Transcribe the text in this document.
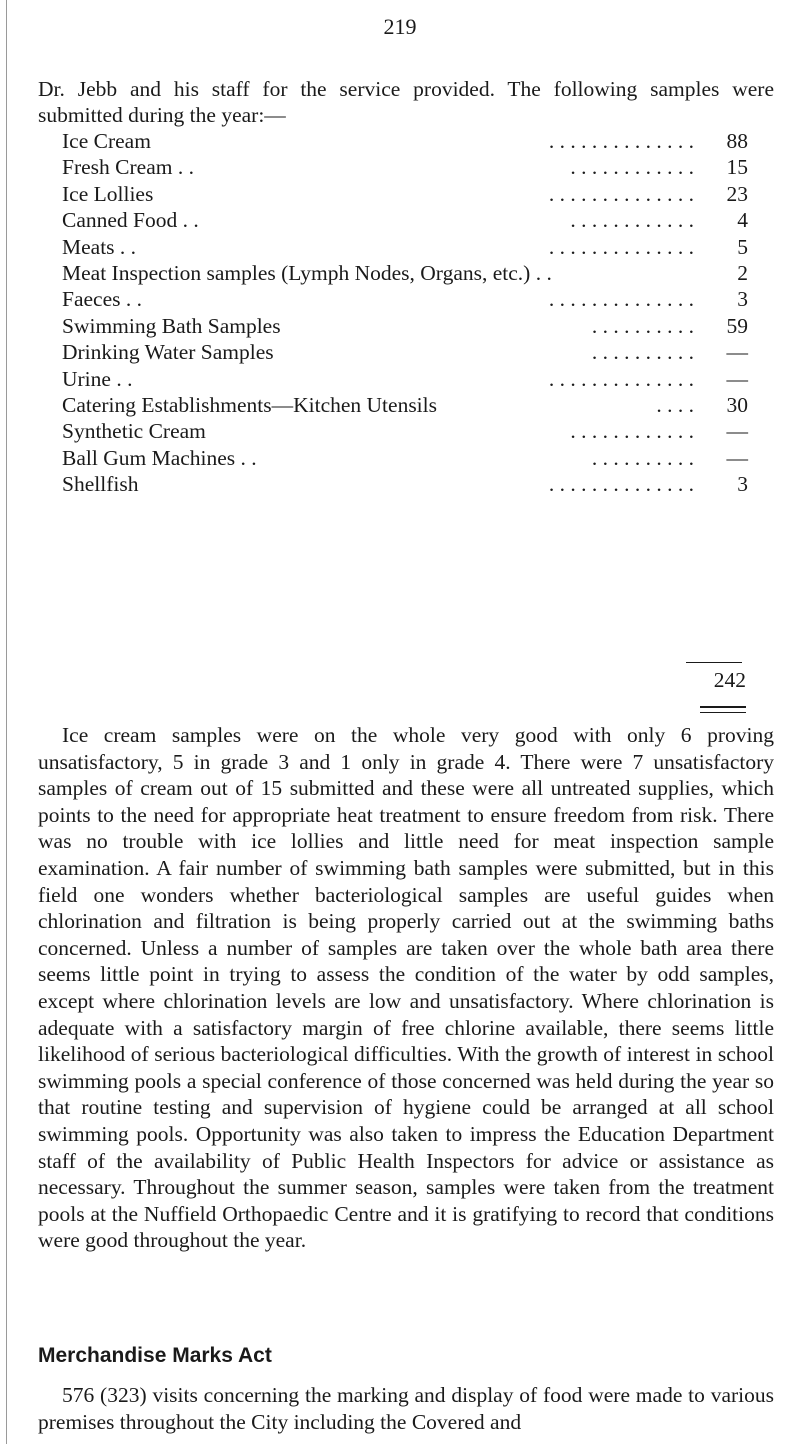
219
Dr. Jebb and his staff for the service provided. The following samples were submitted during the year:—
Ice Cream	. . . . . . . . . . . . . .	88
Fresh Cream . .	. . . . . . . . . . . .	15
Ice Lollies	. . . . . . . . . . . . . .	23
Canned Food . .	. . . . . . . . . . . .	4
Meats . .	. . . . . . . . . . . . . .	5
Meat Inspection samples (Lymph Nodes, Organs, etc.) . .	2
Faeces . .	. . . . . . . . . . . . . .	3
Swimming Bath Samples	. . . . . . . . . .	59
Drinking Water Samples	. . . . . . . . . .	—
Urine . .	. . . . . . . . . . . . . .	—
Catering Establishments—Kitchen Utensils	. . . .	30
Synthetic Cream	. . . . . . . . . . . .	—
Ball Gum Machines . .	. . . . . . . . . .	—
Shellfish	. . . . . . . . . . . . . .	3
242
Ice cream samples were on the whole very good with only 6 proving unsatisfactory, 5 in grade 3 and 1 only in grade 4. There were 7 unsatisfactory samples of cream out of 15 submitted and these were all untreated supplies, which points to the need for appropriate heat treatment to ensure freedom from risk. There was no trouble with ice lollies and little need for meat inspection sample examination. A fair number of swimming bath samples were submitted, but in this field one wonders whether bacteriological samples are useful guides when chlorination and filtration is being properly carried out at the swimming baths concerned. Unless a number of samples are taken over the whole bath area there seems little point in trying to assess the condition of the water by odd samples, except where chlorination levels are low and unsatisfactory. Where chlorination is adequate with a satisfactory margin of free chlorine available, there seems little likelihood of serious bacteriological difficulties. With the growth of interest in school swimming pools a special conference of those concerned was held during the year so that routine testing and supervision of hygiene could be arranged at all school swimming pools. Opportunity was also taken to impress the Education Department staff of the availability of Public Health Inspectors for advice or assistance as necessary. Throughout the summer season, samples were taken from the treatment pools at the Nuffield Orthopaedic Centre and it is gratifying to record that conditions were good throughout the year.
Merchandise Marks Act
576 (323) visits concerning the marking and display of food were made to various premises throughout the City including the Covered and
